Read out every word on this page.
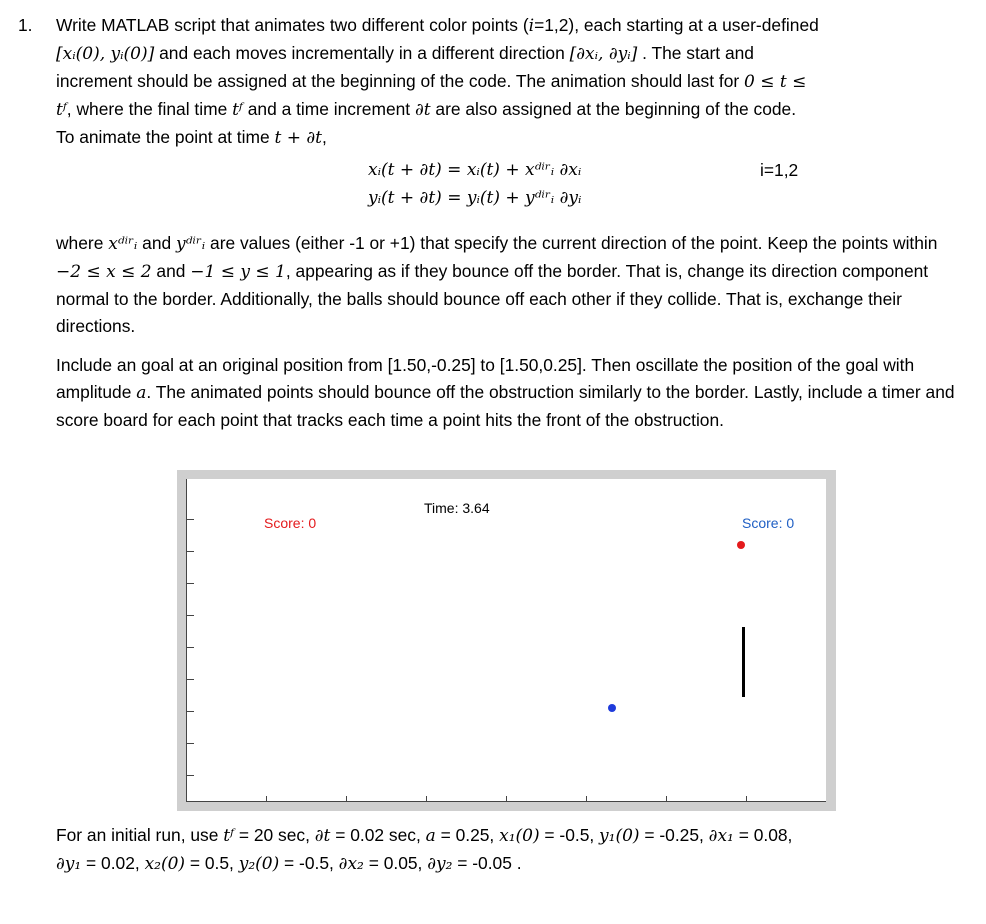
1. Write MATLAB script that animates two different color points (i=1,2), each starting at a user-defined
[xᵢ(0), yᵢ(0)] and each moves incrementally in a different direction [∂xᵢ, ∂yᵢ] . The start and
increment should be assigned at the beginning of the code. The animation should last for 0 ≤ t ≤
tᶠ, where the final time tᶠ and a time increment ∂t are also assigned at the beginning of the code.
To animate the point at time t + ∂t,

xᵢ(t + ∂t) = xᵢ(t) + xᵈⁱʳᵢ ∂xᵢ
yᵢ(t + ∂t) = yᵢ(t) + yᵈⁱʳᵢ ∂yᵢ
i=1,2

where xᵈⁱʳᵢ and yᵈⁱʳᵢ are values (either -1 or +1) that specify the current direction of the point. Keep the points within −2 ≤ x ≤ 2 and −1 ≤ y ≤ 1, appearing as if they bounce off the border. That is, change its direction component normal to the border. Additionally, the balls should bounce off each other if they collide. That is, exchange their directions.

Include an goal at an original position from [1.50,-0.25] to [1.50,0.25]. Then oscillate the position of the goal with amplitude a. The animated points should bounce off the obstruction similarly to the border. Lastly, include a timer and score board for each point that tracks each time a point hits the front of the obstruction.

Time: 3.64
Score: 0	Score: 0
For an initial run, use tᶠ = 20 sec, ∂t = 0.02 sec, a = 0.25, x₁(0) = -0.5, y₁(0) = -0.25, ∂x₁ = 0.08,
∂y₁ = 0.02, x₂(0) = 0.5, y₂(0) = -0.5, ∂x₂ = 0.05, ∂y₂ = -0.05 .
